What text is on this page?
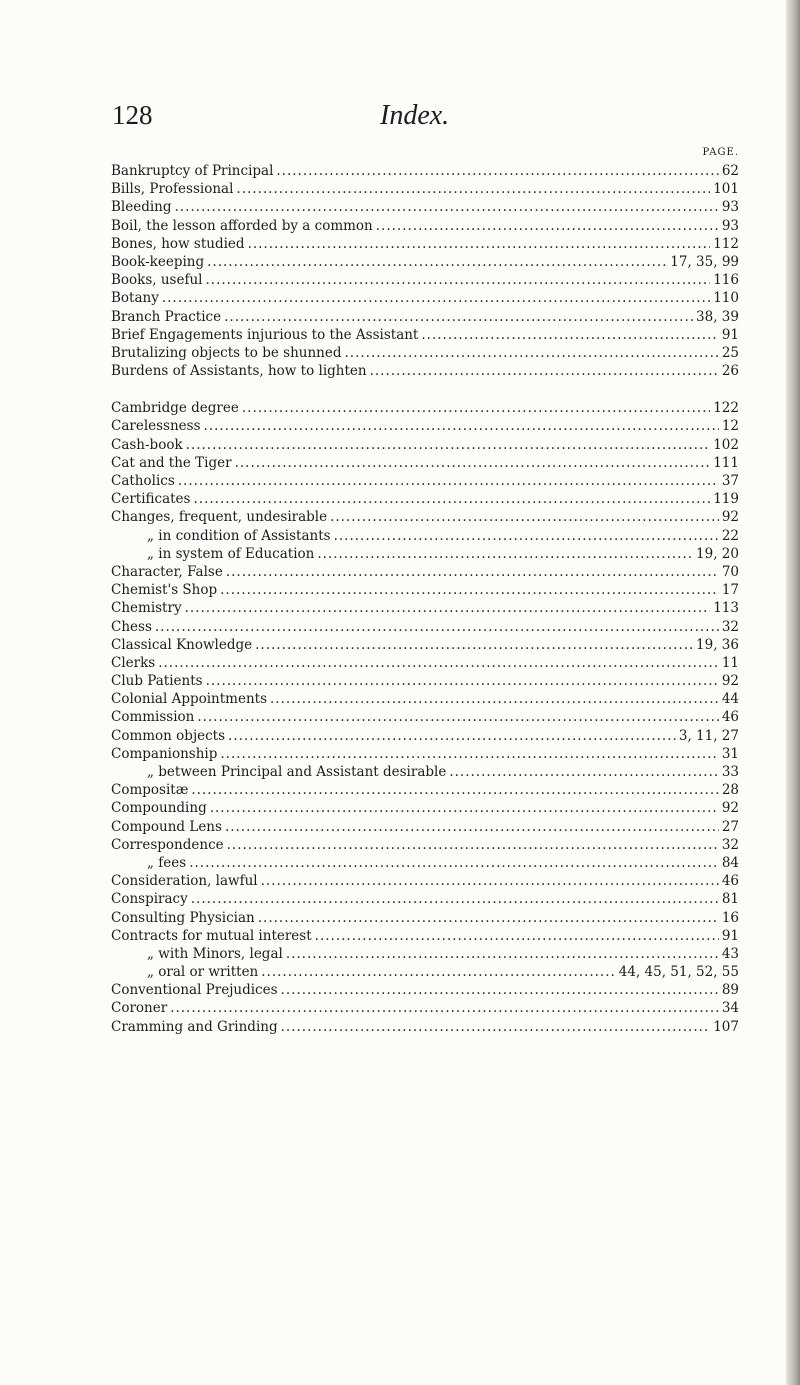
128	Index.
PAGE.
Bankruptcy of Principal .....	62
Bills, Professional .....	101
Bleeding .....	93
Boil, the lesson afforded by a common .....	93
Bones, how studied .....	112
Book-keeping .....	17, 35, 99
Books, useful .....	116
Botany .....	110
Branch Practice .....	38, 39
Brief Engagements injurious to the Assistant .....	91
Brutalizing objects to be shunned .....	25
Burdens of Assistants, how to lighten .....	26
Cambridge degree .....	122
Carelessness .....	12
Cash-book .....	102
Cat and the Tiger .....	111
Catholics .....	37
Certificates .....	119
Changes, frequent, undesirable .....	92
„ in condition of Assistants .....	22
„ in system of Education .....	19, 20
Character, False .....	70
Chemist's Shop .....	17
Chemistry .....	113
Chess .....	32
Classical Knowledge .....	19, 36
Clerks .....	11
Club Patients .....	92
Colonial Appointments .....	44
Commission .....	46
Common objects .....	3, 11, 27
Companionship .....	31
„ between Principal and Assistant desirable .....	33
Compositæ .....	28
Compounding .....	92
Compound Lens .....	27
Correspondence .....	32
„ fees .....	84
Consideration, lawful .....	46
Conspiracy .....	81
Consulting Physician .....	16
Contracts for mutual interest .....	91
„ with Minors, legal .....	43
„ oral or written .....	44, 45, 51, 52, 55
Conventional Prejudices .....	89
Coroner .....	34
Cramming and Grinding .....	107
